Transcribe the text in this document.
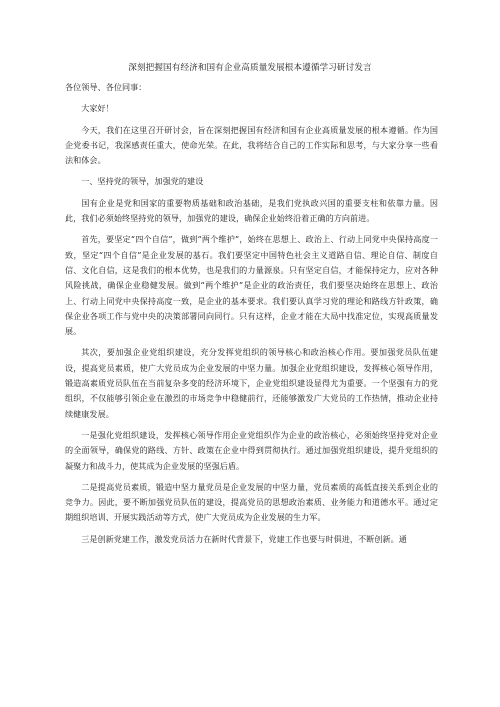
深刻把握国有经济和国有企业高质量发展根本遵循学习研讨发言

各位领导、各位同事：

大家好！

今天，我们在这里召开研讨会，旨在深刻把握国有经济和国有企业高质量发展的根本遵循。作为国企党委书记，我深感责任重大，使命光荣。在此，我将结合自己的工作实际和思考，与大家分享一些看法和体会。

一、坚持党的领导，加强党的建设

国有企业是党和国家的重要物质基础和政治基础，是我们党执政兴国的重要支柱和依靠力量。因此，我们必须始终坚持党的领导，加强党的建设，确保企业始终沿着正确的方向前进。

首先，要坚定“四个自信”，做到“两个维护”，始终在思想上、政治上、行动上同党中央保持高度一致，坚定“四个自信”是企业发展的基石。我们要坚定中国特色社会主义道路自信、理论自信、制度自信、文化自信，这是我们的根本优势，也是我们的力量源泉。只有坚定自信，才能保持定力，应对各种风险挑战，确保企业稳健发展。做到“两个维护”是企业的政治责任，我们要坚决始终在思想上、政治上、行动上同党中央保持高度一致，是企业的基本要求。我们要认真学习党的理论和路线方针政策，确保企业各项工作与党中央的决策部署同向同行。只有这样，企业才能在大局中找准定位，实现高质量发展。

其次，要加强企业党组织建设，充分发挥党组织的领导核心和政治核心作用。要加强党员队伍建设，提高党员素质，使广大党员成为企业发展的中坚力量。加强企业党组织建设，发挥核心领导作用，锻造高素质党员队伍在当前复杂多变的经济环境下，企业党组织建设显得尤为重要。一个坚强有力的党组织，不仅能够引领企业在激烈的市场竞争中稳健前行，还能够激发广大党员的工作热情，推动企业持续健康发展。

一是强化党组织建设，发挥核心领导作用企业党组织作为企业的政治核心，必须始终坚持党对企业的全面领导，确保党的路线、方针、政策在企业中得到贯彻执行。通过加强党组织建设，提升党组织的凝聚力和战斗力，使其成为企业发展的坚强后盾。

二是提高党员素质，锻造中坚力量党员是企业发展的中坚力量，党员素质的高低直接关系到企业的竞争力。因此，要不断加强党员队伍的建设，提高党员的思想政治素质、业务能力和道德水平。通过定期组织培训、开展实践活动等方式，使广大党员成为企业发展的生力军。

三是创新党建工作，激发党员活力在新时代背景下，党建工作也要与时俱进，不断创新。通
